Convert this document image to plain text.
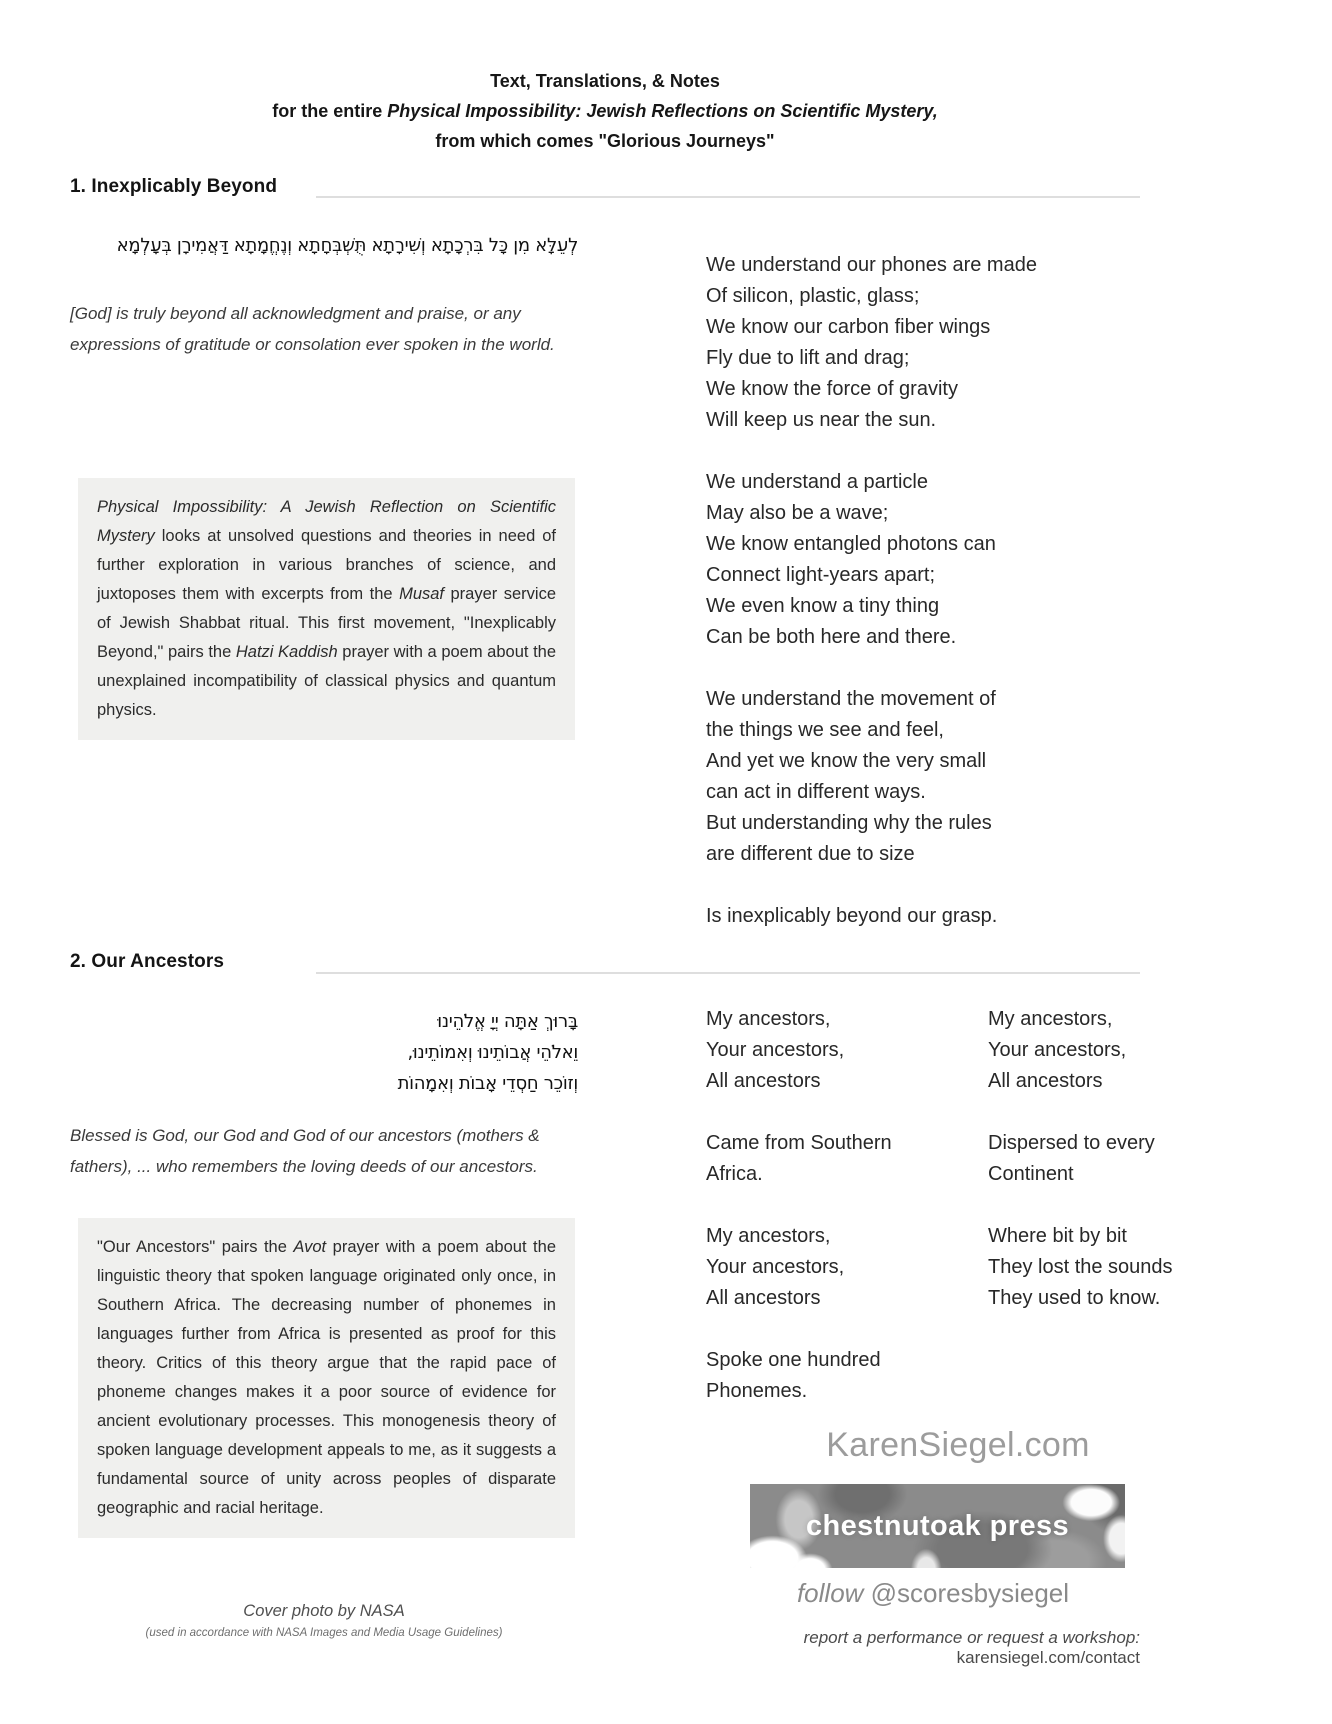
Text, Translations, & Notes
for the entire Physical Impossibility: Jewish Reflections on Scientific Mystery,
from which comes "Glorious Journeys"
1. Inexplicably Beyond
לְעֵלָּא מִן כָּל בִּרְכָתָא וְשִׁירָתָא תֻּשְׁבְּחָתָא וְנֶחֱמָתָא דַּאֲמִירָן בְּעָלְמָא
[God] is truly beyond all acknowledgment and praise, or any expressions of gratitude or consolation ever spoken in the world.
Physical Impossibility: A Jewish Reflection on Scientific Mystery looks at unsolved questions and theories in need of further exploration in various branches of science, and juxtoposes them with excerpts from the Musaf prayer service of Jewish Shabbat ritual. This first movement, "Inexplicably Beyond," pairs the Hatzi Kaddish prayer with a poem about the unexplained incompatibility of classical physics and quantum physics.
We understand our phones are made
Of silicon, plastic, glass;
We know our carbon fiber wings
Fly due to lift and drag;
We know the force of gravity
Will keep us near the sun.
We understand a particle
May also be a wave;
We know entangled photons can
Connect light-years apart;
We even know a tiny thing
Can be both here and there.
We understand the movement of
the things we see and feel,
And yet we know the very small
can act in different ways.
But understanding why the rules
are different due to size
Is inexplicably beyond our grasp.
2. Our Ancestors
בָּרוּךְ אַתָּה יְיָ אֱלֹהֵינוּ
וֵאלֹהֵי אֲבוֹתֵינוּ וְאִמוֹתֵינוּ,
וְזוֹכֵר חַסְדֵי אָבוֹת וְאִמָהוֹת
Blessed is God, our God and God of our ancestors (mothers & fathers), ... who remembers the loving deeds of our ancestors.
"Our Ancestors" pairs the Avot prayer with a poem about the linguistic theory that spoken language originated only once, in Southern Africa. The decreasing number of phonemes in languages further from Africa is presented as proof for this theory. Critics of this theory argue that the rapid pace of phoneme changes makes it a poor source of evidence for ancient evolutionary processes. This monogenesis theory of spoken language development appeals to me, as it suggests a fundamental source of unity across peoples of disparate geographic and racial heritage.
My ancestors,
Your ancestors,
All ancestors
Came from Southern
Africa.
My ancestors,
Your ancestors,
All ancestors
Spoke one hundred
Phonemes.
My ancestors,
Your ancestors,
All ancestors
Dispersed to every
Continent
Where bit by bit
They lost the sounds
They used to know.
Cover photo by NASA
(used in accordance with NASA Images and Media Usage Guidelines)
KarenSiegel.com
chestnutoak press
follow @scoresbysiegel
report a performance or request a workshop:  karensiegel.com/contact
